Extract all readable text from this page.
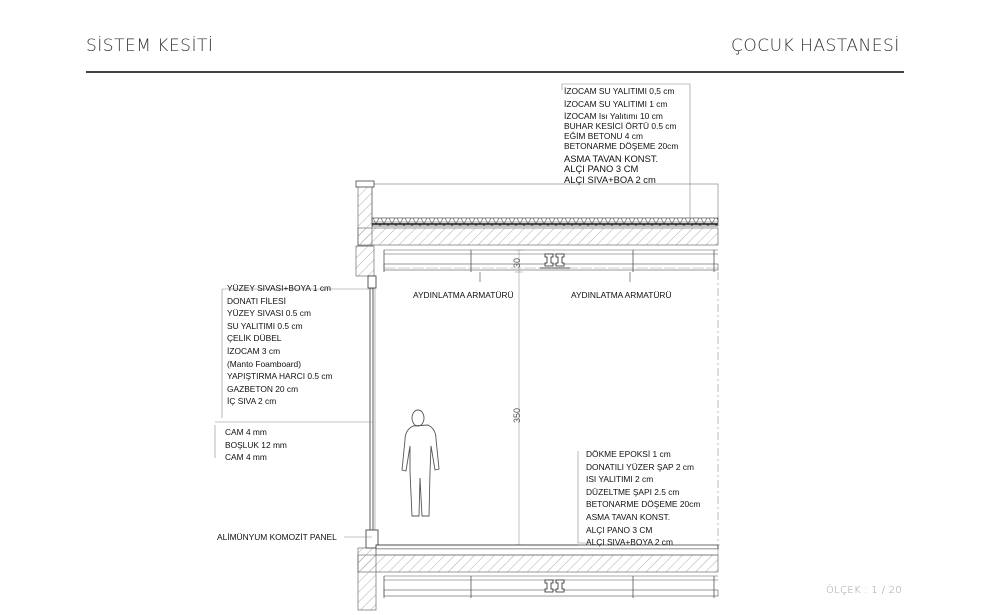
SİSTEM KESİTİ	ÇOCUK HASTANESİ
İZOCAM SU YALITIMI 0,5 cm
İZOCAM SU YALITIMI 1 cm
İZOCAM Isı Yalıtımı 10 cm
BUHAR KESİCİ ÖRTÜ 0.5 cm
EĞİM BETONU 4 cm
BETONARME DÖŞEME 20cm
ASMA TAVAN KONST.
ALÇI PANO 3 CM
ALÇI SIVA+BOA 2 cm
YÜZEY SIVASI+BOYA 1 cm
DONATI FİLESİ
YÜZEY SIVASI 0.5 cm
SU YALITIMI 0.5 cm
ÇELİK DÜBEL
İZOCAM 3 cm
(Manto Foamboard)
YAPIŞTIRMA HARCI 0.5 cm
GAZBETON 20 cm
İÇ SIVA 2 cm
CAM 4 mm
BOŞLUK 12 mm
CAM 4 mm
ALİMÜNYUM KOMOZİT PANEL
DÖKME EPOKSİ 1 cm
DONATILI YÜZER ŞAP 2 cm
ISI YALITIMI 2 cm
DÜZELTME ŞAPI 2.5 cm
BETONARME DÖŞEME 20cm
ASMA TAVAN KONST.
ALÇI PANO 3 CM
ALÇI SIVA+BOYA 2 cm
AYDINLATMA ARMATÜRÜ	AYDINLATMA ARMATÜRÜ
30
350
ÖLÇEK : 1 / 20
